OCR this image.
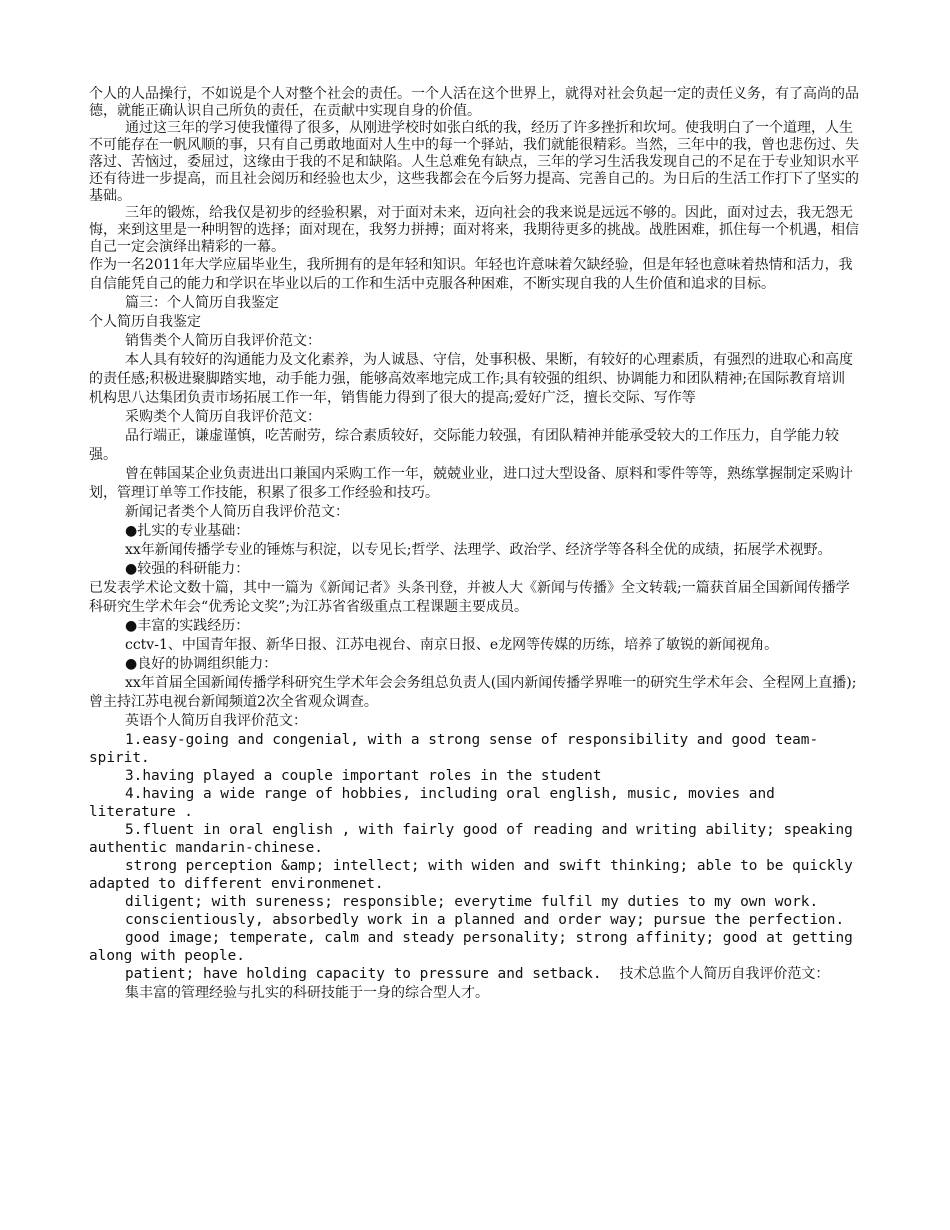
个人的人品操行，不如说是个人对整个社会的责任。一个人活在这个世界上，就得对社会负起一定的责任义务，有了高尚的品德，就能正确认识自己所负的责任，在贡献中实现自身的价值。

通过这三年的学习使我懂得了很多，从刚进学校时如张白纸的我，经历了许多挫折和坎坷。使我明白了一个道理，人生不可能存在一帆风顺的事，只有自己勇敢地面对人生中的每一个驿站，我们就能很精彩。当然，三年中的我，曾也悲伤过、失落过、苦恼过，委屈过，这缘由于我的不足和缺陷。人生总难免有缺点，三年的学习生活我发现自己的不足在于专业知识水平还有待进一步提高，而且社会阅历和经验也太少，这些我都会在今后努力提高、完善自己的。为日后的生活工作打下了坚实的基础。

三年的锻炼，给我仅是初步的经验积累，对于面对未来，迈向社会的我来说是远远不够的。因此，面对过去，我无怨无悔，来到这里是一种明智的选择；面对现在，我努力拼搏；面对将来，我期待更多的挑战。战胜困难，抓住每一个机遇，相信自己一定会演绎出精彩的一幕。

作为一名2011年大学应届毕业生，我所拥有的是年轻和知识。年轻也许意味着欠缺经验，但是年轻也意味着热情和活力，我自信能凭自己的能力和学识在毕业以后的工作和生活中克服各种困难，不断实现自我的人生价值和追求的目标。

篇三：个人简历自我鉴定

个人简历自我鉴定

销售类个人简历自我评价范文：

本人具有较好的沟通能力及文化素养，为人诚恳、守信，处事积极、果断，有较好的心理素质，有强烈的进取心和高度的责任感;积极进聚脚踏实地，动手能力强，能够高效率地完成工作;具有较强的组织、协调能力和团队精神;在国际教育培训机构思八达集团负责市场拓展工作一年，销售能力得到了很大的提高;爱好广泛，擅长交际、写作等

采购类个人简历自我评价范文：

品行端正，谦虚谨慎，吃苦耐劳，综合素质较好，交际能力较强，有团队精神并能承受较大的工作压力，自学能力较强。

曾在韩国某企业负责进出口兼国内采购工作一年，兢兢业业，进口过大型设备、原料和零件等等，熟练掌握制定采购计划，管理订单等工作技能，积累了很多工作经验和技巧。

新闻记者类个人简历自我评价范文：

●扎实的专业基础：

xx年新闻传播学专业的锤炼与积淀，以专见长;哲学、法理学、政治学、经济学等各科全优的成绩，拓展学术视野。

●较强的科研能力：

已发表学术论文数十篇，其中一篇为《新闻记者》头条刊登，并被人大《新闻与传播》全文转载;一篇获首届全国新闻传播学科研究生学术年会“优秀论文奖”;为江苏省省级重点工程课题主要成员。

●丰富的实践经历：

cctv-1、中国青年报、新华日报、江苏电视台、南京日报、e龙网等传媒的历练，培养了敏锐的新闻视角。

●良好的协调组织能力：

xx年首届全国新闻传播学科研究生学术年会会务组总负责人(国内新闻传播学界唯一的研究生学术年会、全程网上直播);曾主持江苏电视台新闻频道2次全省观众调查。

英语个人简历自我评价范文：

1.easy-going and congenial, with a strong sense of responsibility and good team-spirit.

3.having played a couple important roles in the student

4.having a wide range of hobbies, including oral english, music, movies and literature .

5.fluent in oral english , with fairly good of reading and writing ability; speaking authentic mandarin-chinese.

strong perception &amp; intellect; with widen and swift thinking; able to be quickly adapted to different environmenet.

diligent; with sureness; responsible; everytime fulfil my duties to my own work.

conscientiously, absorbedly work in a planned and order way; pursue the perfection.

good image; temperate, calm and steady personality; strong affinity; good at getting along with people.

patient; have holding capacity to pressure and setback. 技术总监个人简历自我评价范文：

集丰富的管理经验与扎实的科研技能于一身的综合型人才。
